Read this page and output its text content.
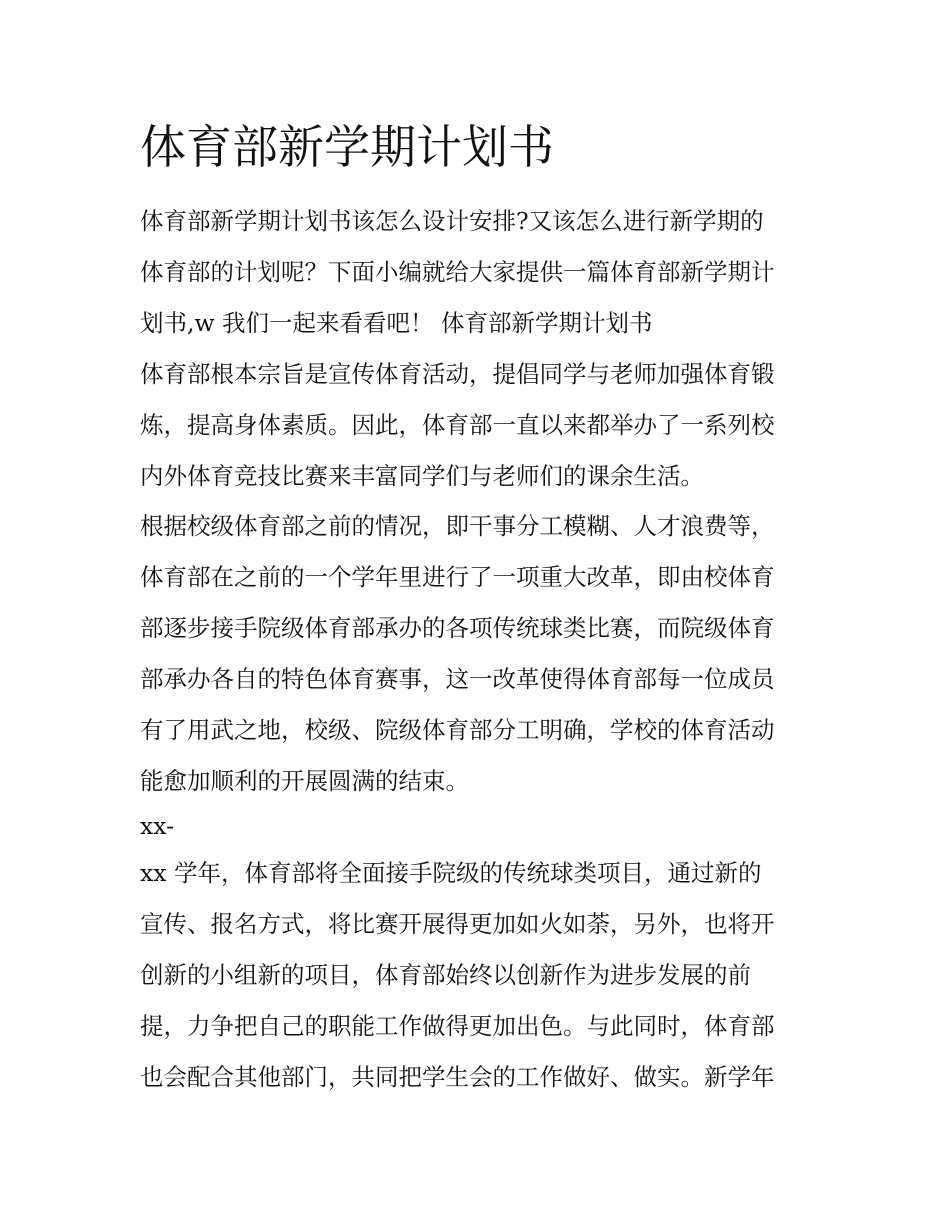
体育部新学期计划书

体育部新学期计划书该怎么设计安排?又该怎么进行新学期的

体育部的计划呢？下面小编就给大家提供一篇体育部新学期计

划书,w 我们一起来看看吧！ 体育部新学期计划书

体育部根本宗旨是宣传体育活动，提倡同学与老师加强体育锻

炼，提高身体素质。因此，体育部一直以来都举办了一系列校

内外体育竞技比赛来丰富同学们与老师们的课余生活。

根据校级体育部之前的情况，即干事分工模糊、人才浪费等，

体育部在之前的一个学年里进行了一项重大改革，即由校体育

部逐步接手院级体育部承办的各项传统球类比赛，而院级体育

部承办各自的特色体育赛事，这一改革使得体育部每一位成员

有了用武之地，校级、院级体育部分工明确，学校的体育活动

能愈加顺利的开展圆满的结束。

xx-

xx 学年，体育部将全面接手院级的传统球类项目，通过新的

宣传、报名方式，将比赛开展得更加如火如荼，另外，也将开

创新的小组新的项目，体育部始终以创新作为进步发展的前

提，力争把自己的职能工作做得更加出色。与此同时，体育部

也会配合其他部门，共同把学生会的工作做好、做实。新学年
